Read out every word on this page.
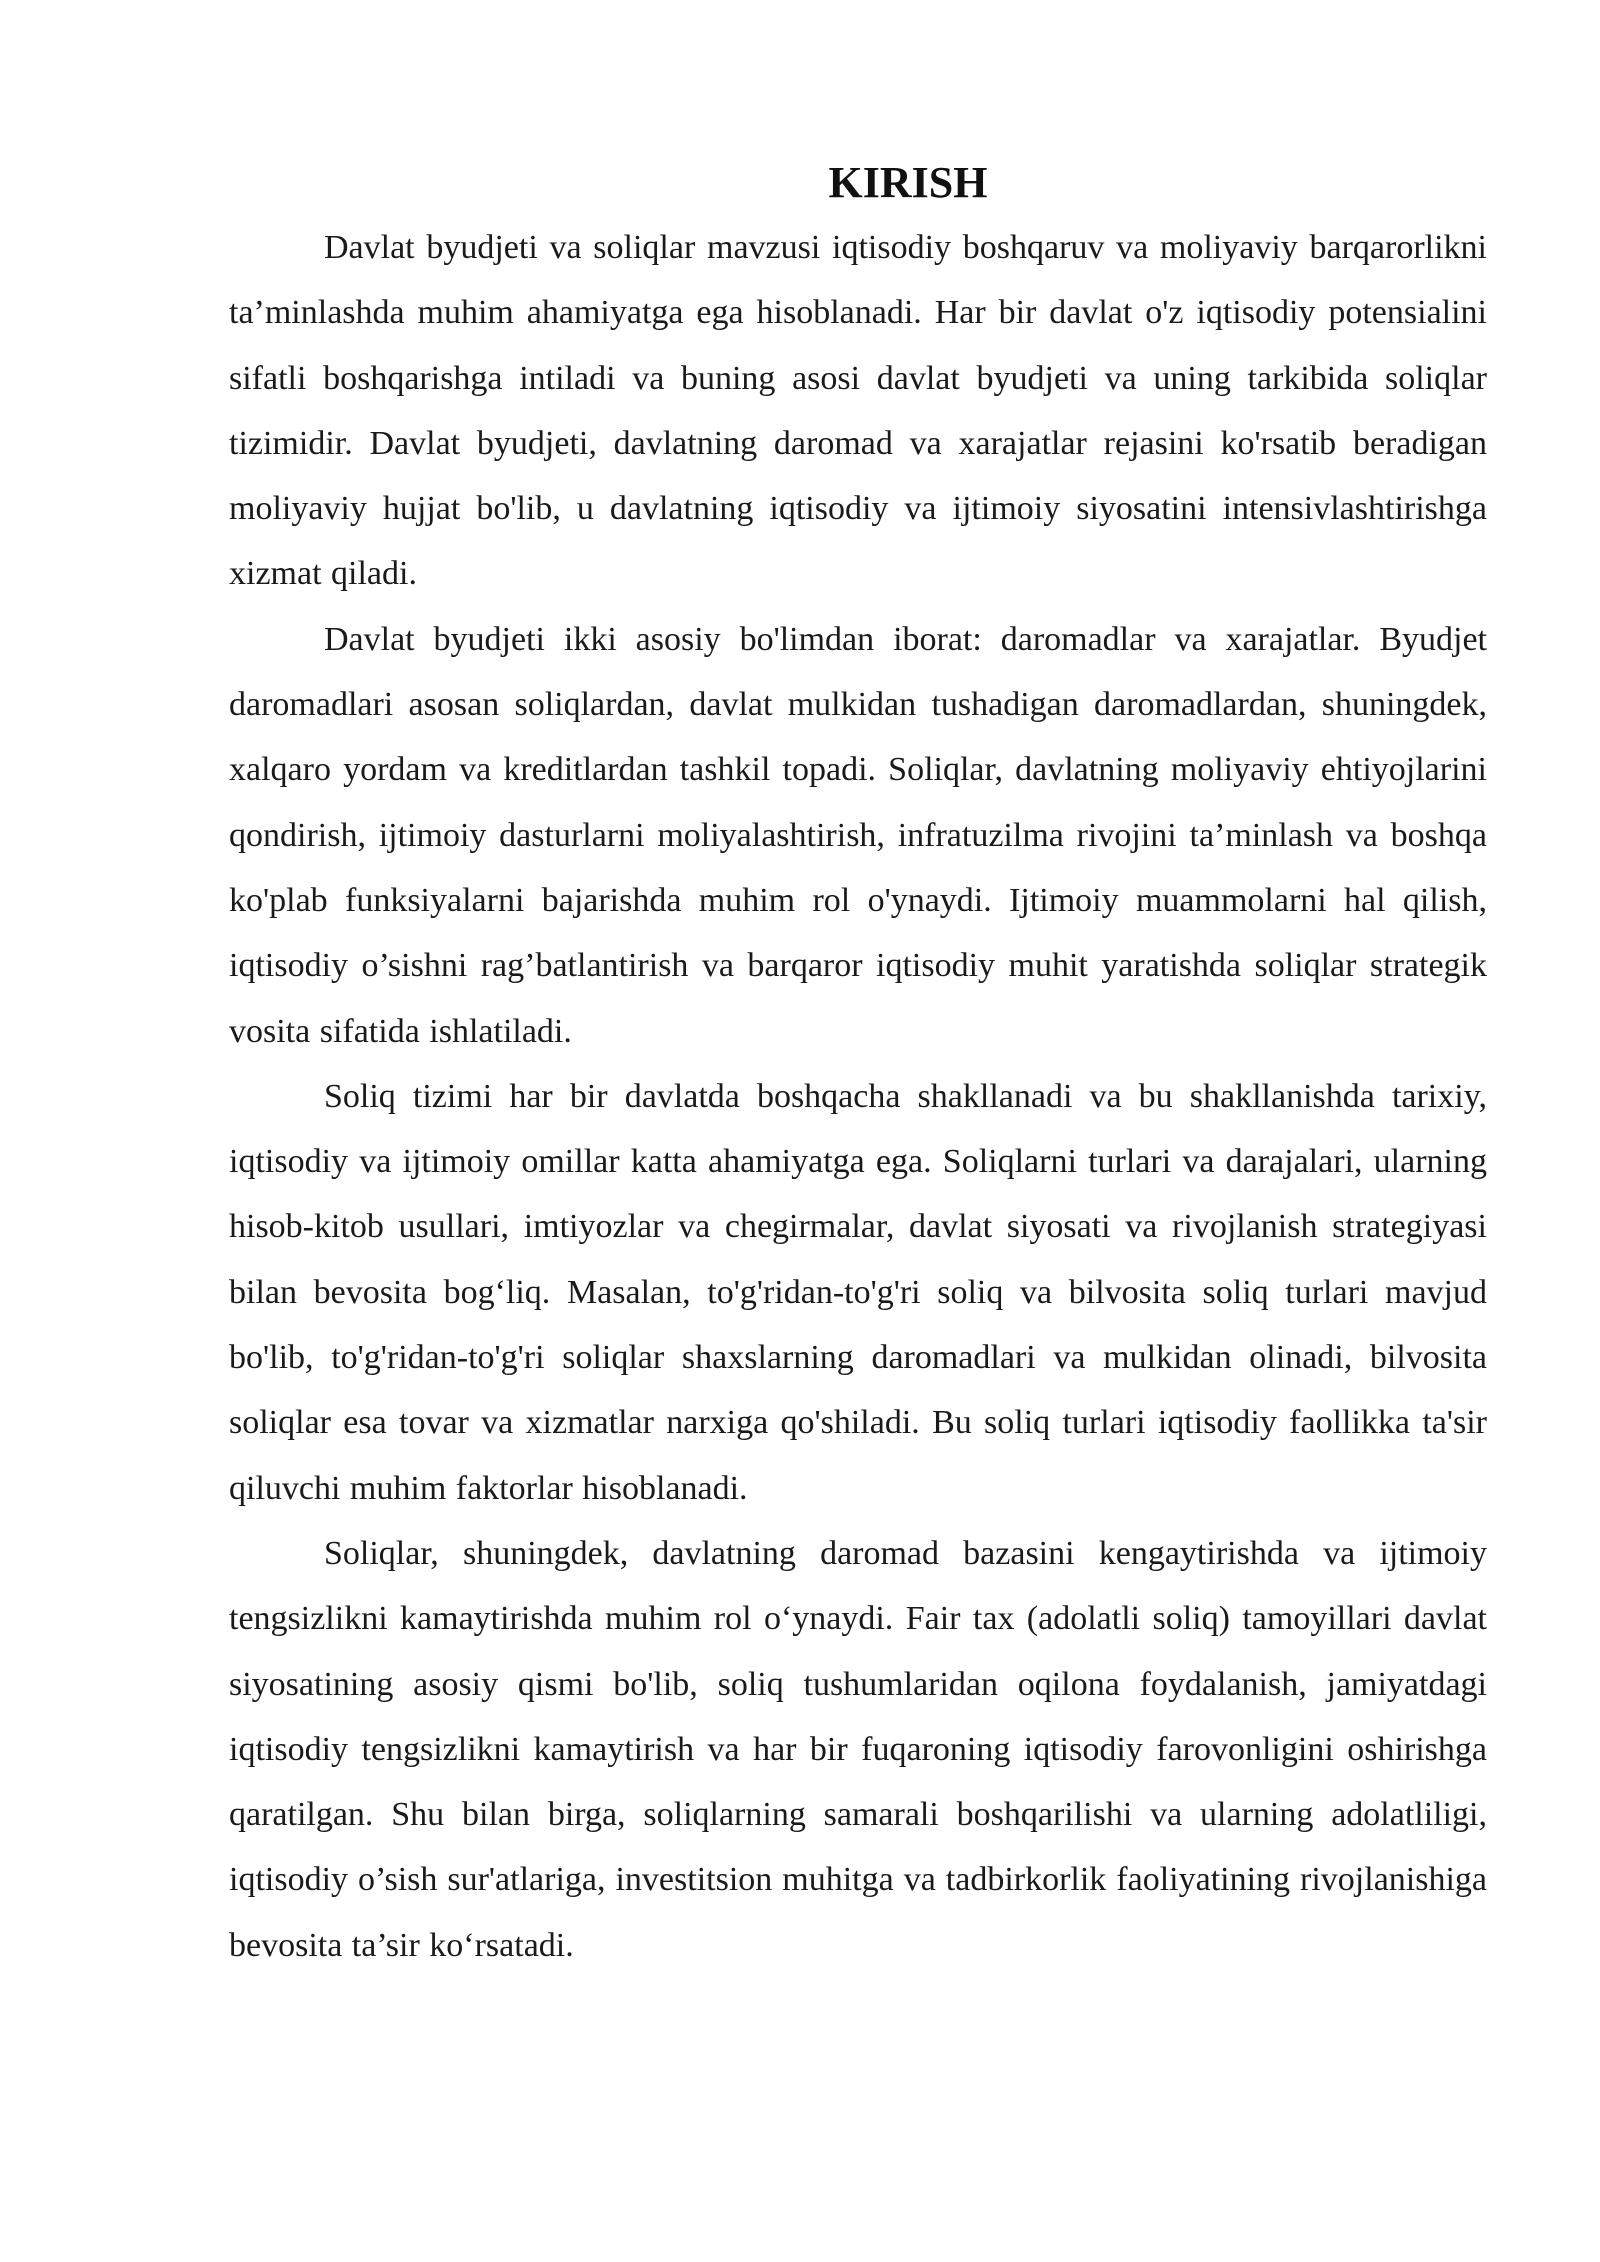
KIRISH

Davlat byudjeti va soliqlar mavzusi iqtisodiy boshqaruv va moliyaviy barqarorlikni ta’minlashda muhim ahamiyatga ega hisoblanadi. Har bir davlat o'z iqtisodiy potensialini sifatli boshqarishga intiladi va buning asosi davlat byudjeti va uning tarkibida soliqlar tizimidir. Davlat byudjeti, davlatning daromad va xarajatlar rejasini ko'rsatib beradigan moliyaviy hujjat bo'lib, u davlatning iqtisodiy va ijtimoiy siyosatini intensivlashtirishga xizmat qiladi.

Davlat byudjeti ikki asosiy bo'limdan iborat: daromadlar va xarajatlar. Byudjet daromadlari asosan soliqlardan, davlat mulkidan tushadigan daromadlardan, shuningdek, xalqaro yordam va kreditlardan tashkil topadi. Soliqlar, davlatning moliyaviy ehtiyojlarini qondirish, ijtimoiy dasturlarni moliyalashtirish, infratuzilma rivojini ta’minlash va boshqa ko'plab funksiyalarni bajarishda muhim rol o'ynaydi. Ijtimoiy muammolarni hal qilish, iqtisodiy o’sishni rag’batlantirish va barqaror iqtisodiy muhit yaratishda soliqlar strategik vosita sifatida ishlatiladi.

Soliq tizimi har bir davlatda boshqacha shakllanadi va bu shakllanishda tarixiy, iqtisodiy va ijtimoiy omillar katta ahamiyatga ega. Soliqlarni turlari va darajalari, ularning hisob-kitob usullari, imtiyozlar va chegirmalar, davlat siyosati va rivojlanish strategiyasi bilan bevosita bog‘liq. Masalan, to'g'ridan-to'g'ri soliq va bilvosita soliq turlari mavjud bo'lib, to'g'ridan-to'g'ri soliqlar shaxslarning daromadlari va mulkidan olinadi, bilvosita soliqlar esa tovar va xizmatlar narxiga qo'shiladi. Bu soliq turlari iqtisodiy faollikka ta'sir qiluvchi muhim faktorlar hisoblanadi.

Soliqlar, shuningdek, davlatning daromad bazasini kengaytirishda va ijtimoiy tengsizlikni kamaytirishda muhim rol o‘ynaydi. Fair tax (adolatli soliq) tamoyillari davlat siyosatining asosiy qismi bo'lib, soliq tushumlaridan oqilona foydalanish, jamiyatdagi iqtisodiy tengsizlikni kamaytirish va har bir fuqaroning iqtisodiy farovonligini oshirishga qaratilgan. Shu bilan birga, soliqlarning samarali boshqarilishi va ularning adolatliligi, iqtisodiy o’sish sur'atlariga, investitsion muhitga va tadbirkorlik faoliyatining rivojlanishiga bevosita ta’sir ko‘rsatadi.
